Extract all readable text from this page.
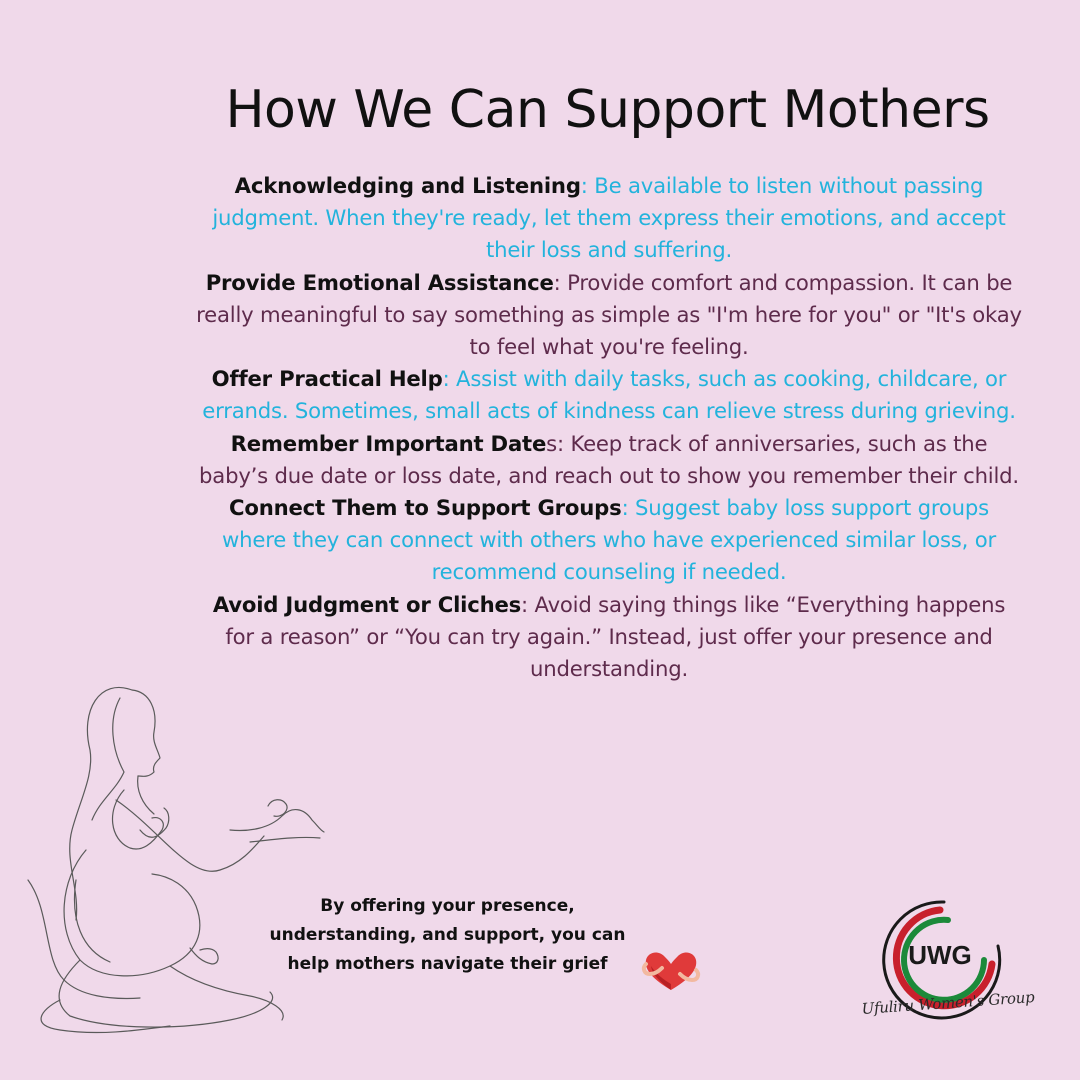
How We Can Support Mothers

Acknowledging and Listening: Be available to listen without passing judgment. When they're ready, let them express their emotions, and accept their loss and suffering.

Provide Emotional Assistance: Provide comfort and compassion. It can be really meaningful to say something as simple as "I'm here for you" or "It's okay to feel what you're feeling.

Offer Practical Help: Assist with daily tasks, such as cooking, childcare, or errands. Sometimes, small acts of kindness can relieve stress during grieving.

Remember Important Dates: Keep track of anniversaries, such as the baby’s due date or loss date, and reach out to show you remember their child.

Connect Them to Support Groups: Suggest baby loss support groups where they can connect with others who have experienced similar loss, or recommend counseling if needed.

Avoid Judgment or Cliches: Avoid saying things like “Everything happens for a reason” or “You can try again.” Instead, just offer your presence and understanding.

By offering your presence, understanding, and support, you can help mothers navigate their grief	UWG
Ufuliru Women's Group
